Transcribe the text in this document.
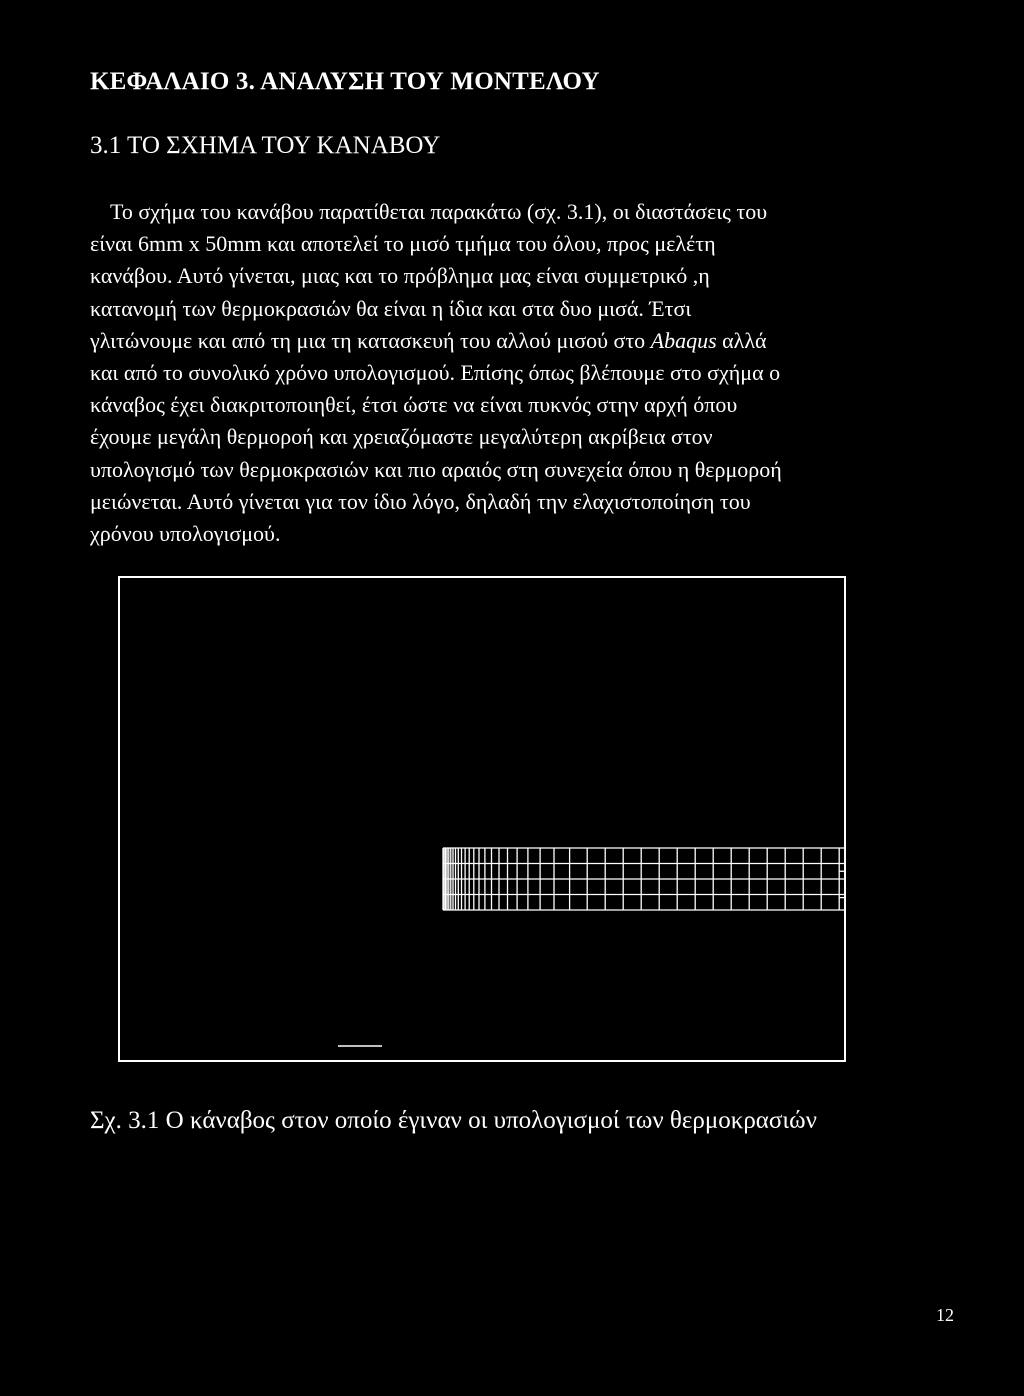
ΚΕΦΑΛΑΙΟ 3. ΑΝΑΛΥΣΗ ΤΟΥ ΜΟΝΤΕΛΟΥ
3.1 ΤΟ ΣΧΗΜΑ ΤΟΥ ΚΑΝΑΒΟΥ

Το σχήμα του κανάβου παρατίθεται παρακάτω (σχ. 3.1), οι διαστάσεις του
είναι 6mm x 50mm και αποτελεί το μισό τμήμα του όλου, προς μελέτη
κανάβου. Αυτό γίνεται, μιας και το πρόβλημα μας είναι συμμετρικό ,η
κατανομή των θερμοκρασιών θα είναι η ίδια και στα δυο μισά. Έτσι
γλιτώνουμε και από τη μια τη κατασκευή του αλλού μισού στο Abaqus αλλά
και από το συνολικό χρόνο υπολογισμού. Επίσης όπως βλέπουμε στο σχήμα ο
κάναβος έχει διακριτοποιηθεί, έτσι ώστε να είναι πυκνός στην αρχή όπου
έχουμε μεγάλη θερμορoή και χρειαζόμαστε μεγαλύτερη ακρίβεια στον
υπολογισμό των θερμοκρασιών και πιο αραιός στη συνεχεία όπου η θερμορoή
μειώνεται. Αυτό γίνεται για τον ίδιο λόγο, δηλαδή την ελαχιστοποίηση του
χρόνου υπολογισμού.

Σχ. 3.1 Ο κάναβος στον οποίο έγιναν οι υπολογισμοί των θερμοκρασιών

12
